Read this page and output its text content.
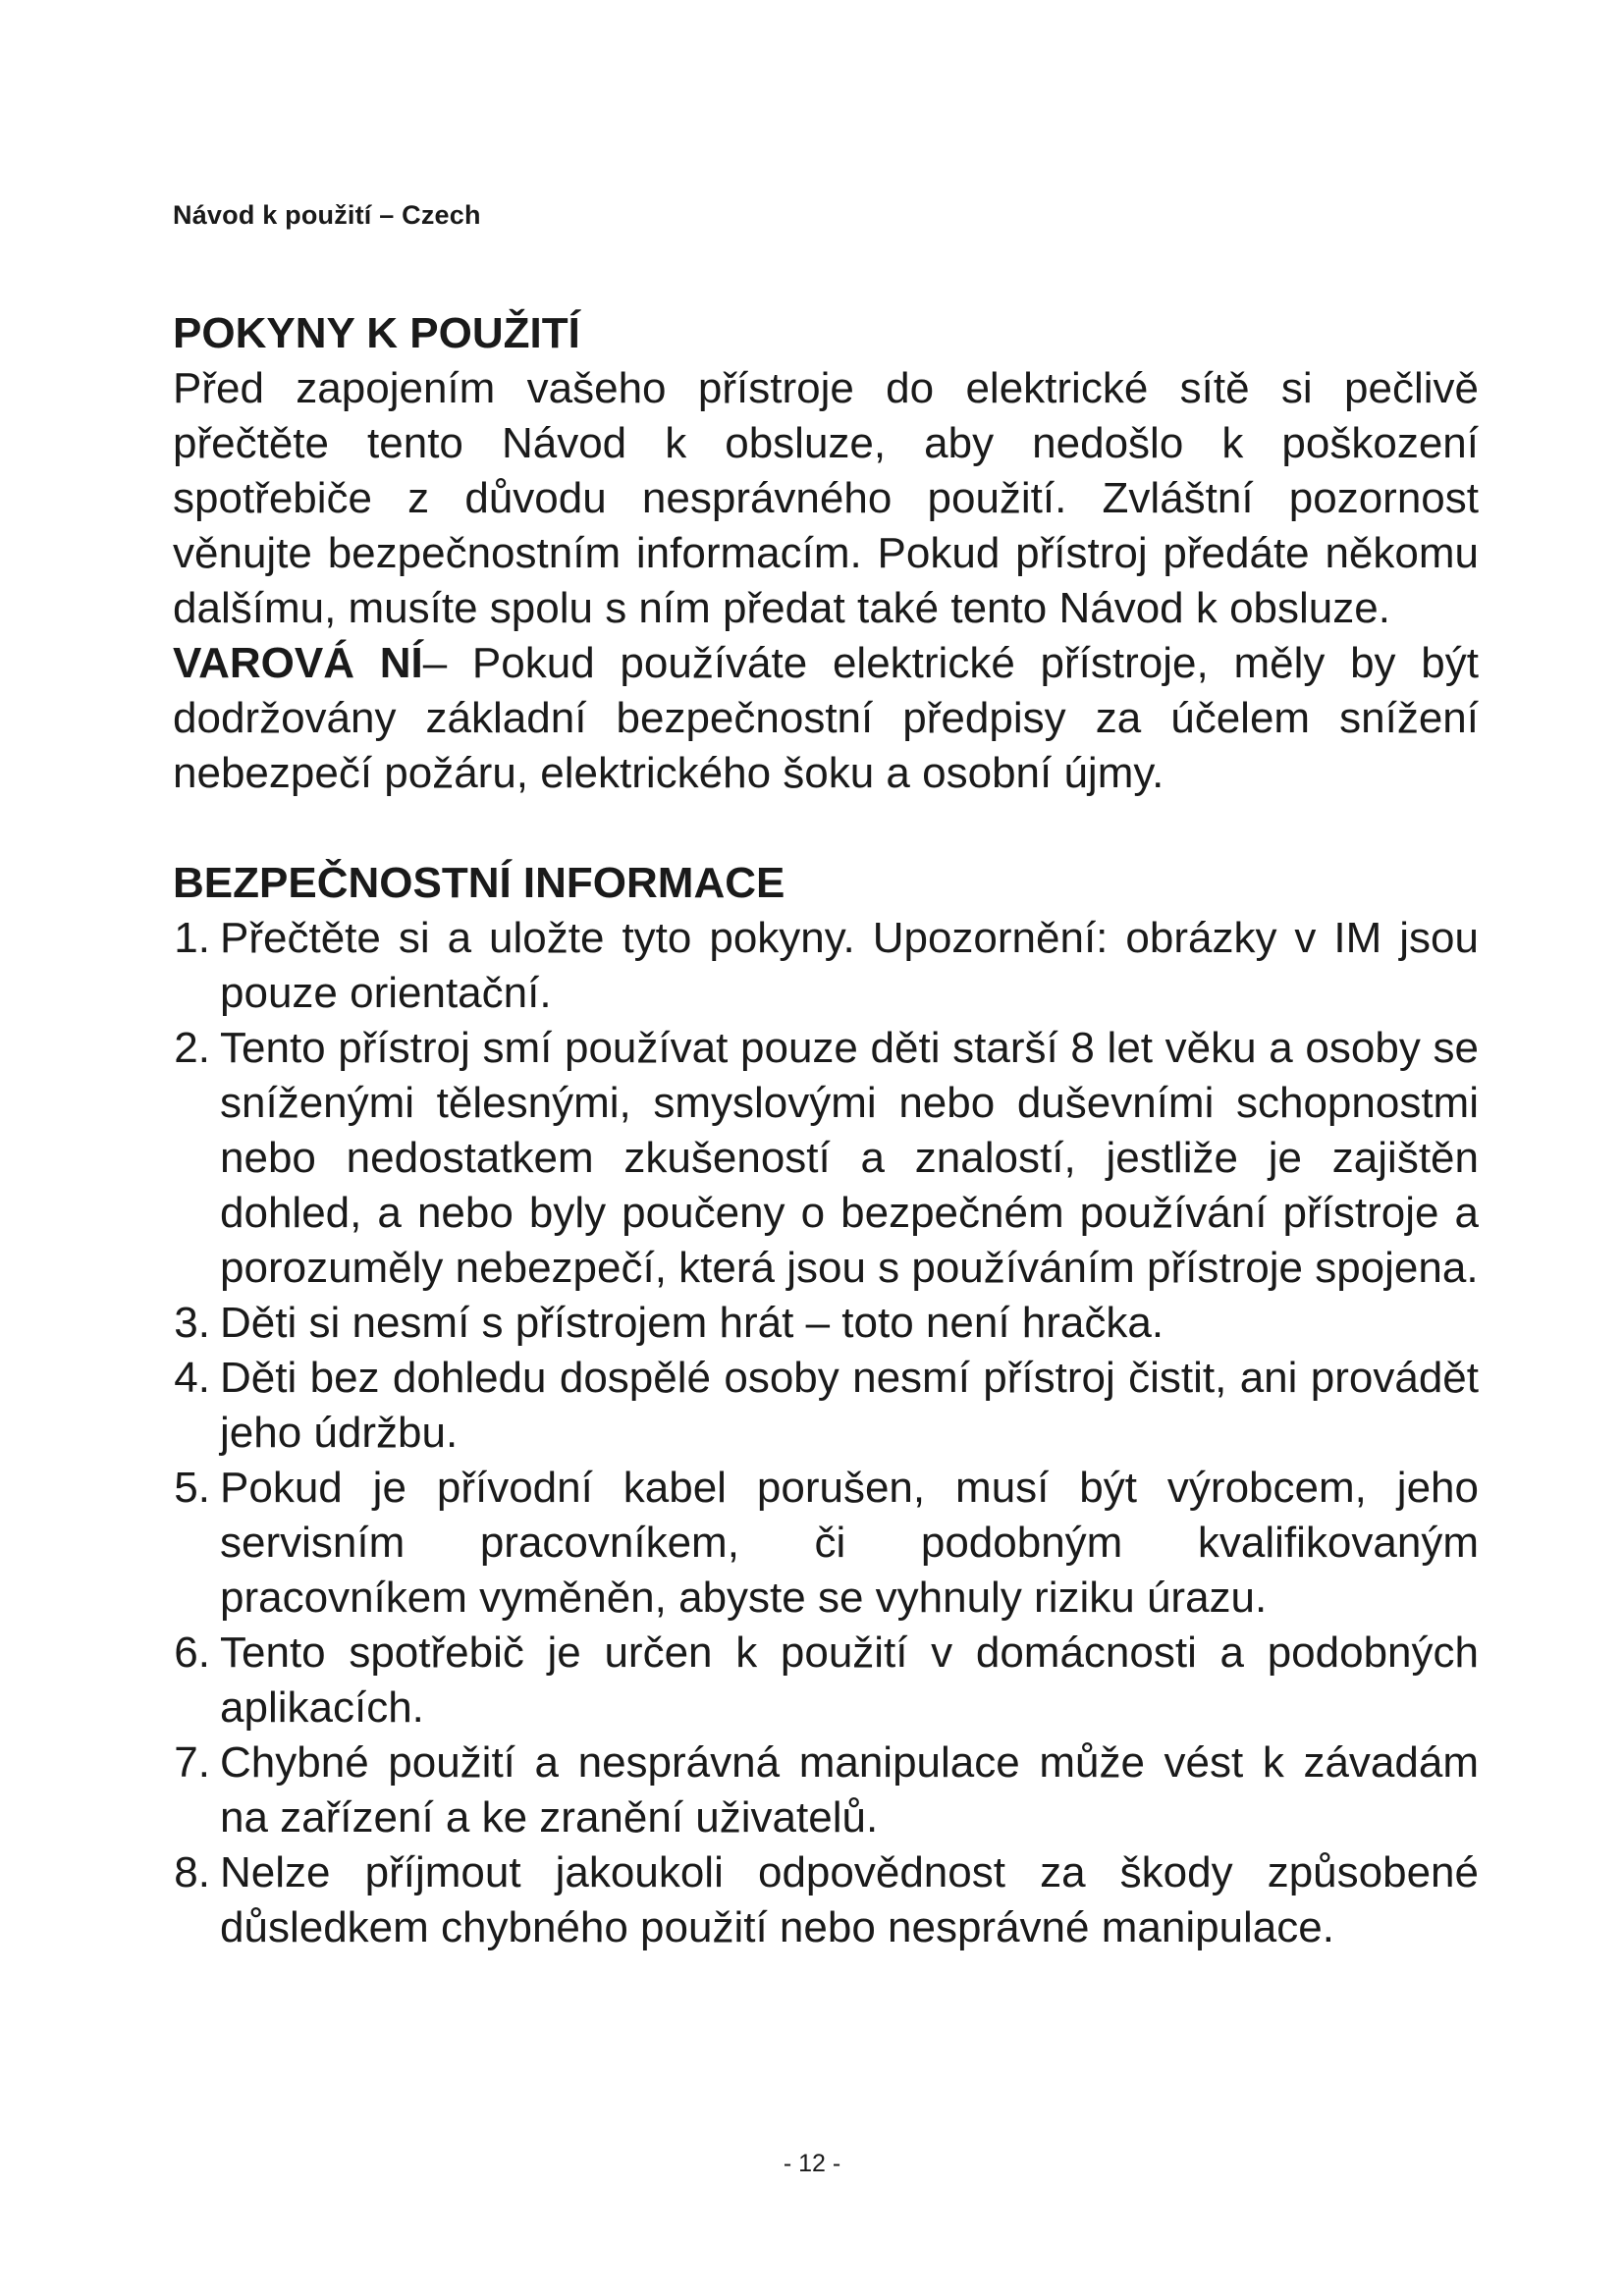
Návod k použití – Czech
POKYNY K POUŽITÍ

Před zapojením vašeho přístroje do elektrické sítě si pečlivě přečtěte tento Návod k obsluze, aby nedošlo k poškození spotřebiče z důvodu nesprávného použití. Zvláštní pozornost věnujte bezpečnostním informacím. Pokud přístroj předáte někomu dalšímu, musíte spolu s ním předat také tento Návod k obsluze.

VAROVÁ NÍ– Pokud používáte elektrické přístroje, měly by být dodržovány základní bezpečnostní předpisy za účelem snížení nebezpečí požáru, elektrického šoku a osobní újmy.

BEZPEČNOSTNÍ INFORMACE
1. Přečtěte si a uložte tyto pokyny. Upozornění: obrázky v IM jsou pouze orientační.
2. Tento přístroj smí používat pouze děti starší 8 let věku a osoby se sníženými tělesnými, smyslovými nebo duševními schopnostmi nebo nedostatkem zkušeností a znalostí, jestliže je zajištěn dohled, a nebo byly poučeny o bezpečném používání přístroje a porozuměly nebezpečí, která jsou s používáním přístroje spojena.
3. Děti si nesmí s přístrojem hrát – toto není hračka.
4. Děti bez dohledu dospělé osoby nesmí přístroj čistit, ani provádět jeho údržbu.
5. Pokud je přívodní kabel porušen, musí být výrobcem, jeho servisním pracovníkem, či podobným kvalifikovaným pracovníkem vyměněn, abyste se vyhnuly riziku úrazu.
6. Tento spotřebič je určen k použití v domácnosti a podobných aplikacích.
7. Chybné použití a nesprávná manipulace může vést k závadám na zařízení a ke zranění uživatelů.
8. Nelze příjmout jakoukoli odpovědnost za škody způsobené důsledkem chybného použití nebo nesprávné manipulace.
- 12 -
